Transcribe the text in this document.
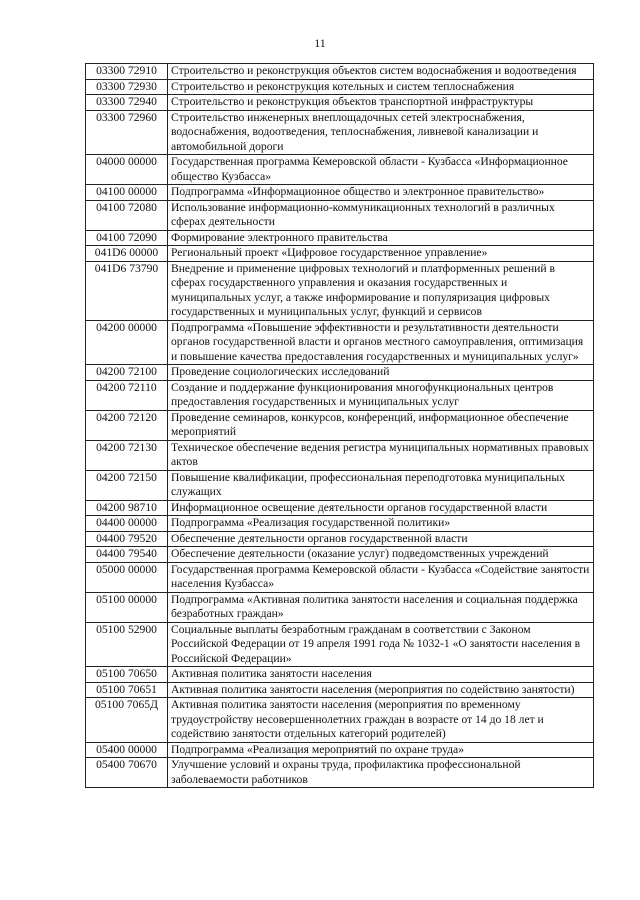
11
03300 72910	Строительство и реконструкция объектов систем водоснабжения и водоотведения
03300 72930	Строительство и реконструкция котельных и систем теплоснабжения
03300 72940	Строительство и реконструкция объектов транспортной инфраструктуры
03300 72960	Строительство инженерных внеплощадочных сетей электроснабжения, водоснабжения, водоотведения, теплоснабжения, ливневой канализации и автомобильной дороги
04000 00000	Государственная программа Кемеровской области - Кузбасса «Информационное общество Кузбасса»
04100 00000	Подпрограмма «Информационное общество и электронное правительство»
04100 72080	Использование информационно-коммуникационных технологий в различных сферах деятельности
04100 72090	Формирование электронного правительства
041D6 00000	Региональный проект «Цифровое государственное управление»
041D6 73790	Внедрение и применение цифровых технологий и платформенных решений в сферах государственного управления и оказания государственных и муниципальных услуг, а также информирование и популяризация цифровых государственных и муниципальных услуг, функций и сервисов
04200 00000	Подпрограмма «Повышение эффективности и результативности деятельности органов государственной власти и органов местного самоуправления, оптимизация и повышение качества предоставления государственных и муниципальных услуг»
04200 72100	Проведение социологических исследований
04200 72110	Создание и поддержание функционирования многофункциональных центров предоставления государственных и муниципальных услуг
04200 72120	Проведение семинаров, конкурсов, конференций, информационное обеспечение мероприятий
04200 72130	Техническое обеспечение ведения регистра муниципальных нормативных правовых актов
04200 72150	Повышение квалификации, профессиональная переподготовка муниципальных служащих
04200 98710	Информационное освещение деятельности органов государственной власти
04400 00000	Подпрограмма «Реализация государственной политики»
04400 79520	Обеспечение деятельности органов государственной власти
04400 79540	Обеспечение деятельности (оказание услуг) подведомственных учреждений
05000 00000	Государственная программа Кемеровской области - Кузбасса «Содействие занятости населения Кузбасса»
05100 00000	Подпрограмма «Активная политика занятости населения и социальная поддержка безработных граждан»
05100 52900	Социальные выплаты безработным гражданам в соответствии с Законом Российской Федерации от 19 апреля 1991 года № 1032-1 «О занятости населения в Российской Федерации»
05100 70650	Активная политика занятости населения
05100 70651	Активная политика занятости населения (мероприятия по содействию занятости)
05100 7065Д	Активная политика занятости населения (мероприятия по временному трудоустройству несовершеннолетних граждан в возрасте от 14 до 18 лет и содействию занятости отдельных категорий родителей)
05400 00000	Подпрограмма «Реализация мероприятий по охране труда»
05400 70670	Улучшение условий и охраны труда, профилактика профессиональной заболеваемости работников
